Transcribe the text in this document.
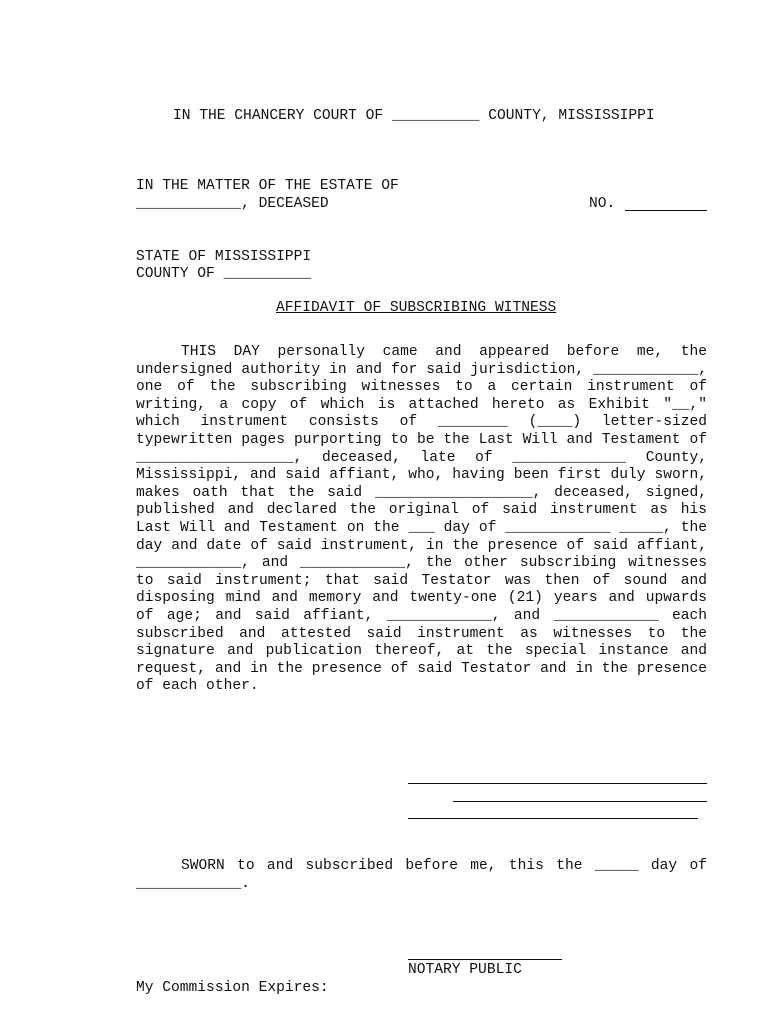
IN THE CHANCERY COURT OF __________ COUNTY, MISSISSIPPI
IN THE MATTER OF THE ESTATE OF
____________, DECEASED	NO.
STATE OF MISSISSIPPI
COUNTY OF __________
AFFIDAVIT OF SUBSCRIBING WITNESS
THIS DAY personally came and appeared before me, the undersigned authority in and for said jurisdiction, ____________, one of the subscribing witnesses to a certain instrument of writing, a copy of which is attached hereto as Exhibit "__," which instrument consists of ________ (____) letter-sized typewritten pages purporting to be the Last Will and Testament of __________________, deceased, late of _____________ County, Mississippi, and said affiant, who, having been first duly sworn, makes oath that the said __________________, deceased, signed, published and declared the original of said instrument as his Last Will and Testament on the ___ day of ____________ _____, the day and date of said instrument, in the presence of said affiant, ____________, and ____________, the other subscribing witnesses to said instrument; that said Testator was then of sound and disposing mind and memory and twenty-one (21) years and upwards of age; and said affiant, ____________, and ____________ each subscribed and attested said instrument as witnesses to the signature and publication thereof, at the special instance and request, and in the presence of said Testator and in the presence of each other.
SWORN to and subscribed before me, this the _____ day of ____________.
NOTARY PUBLIC
My Commission Expires:
